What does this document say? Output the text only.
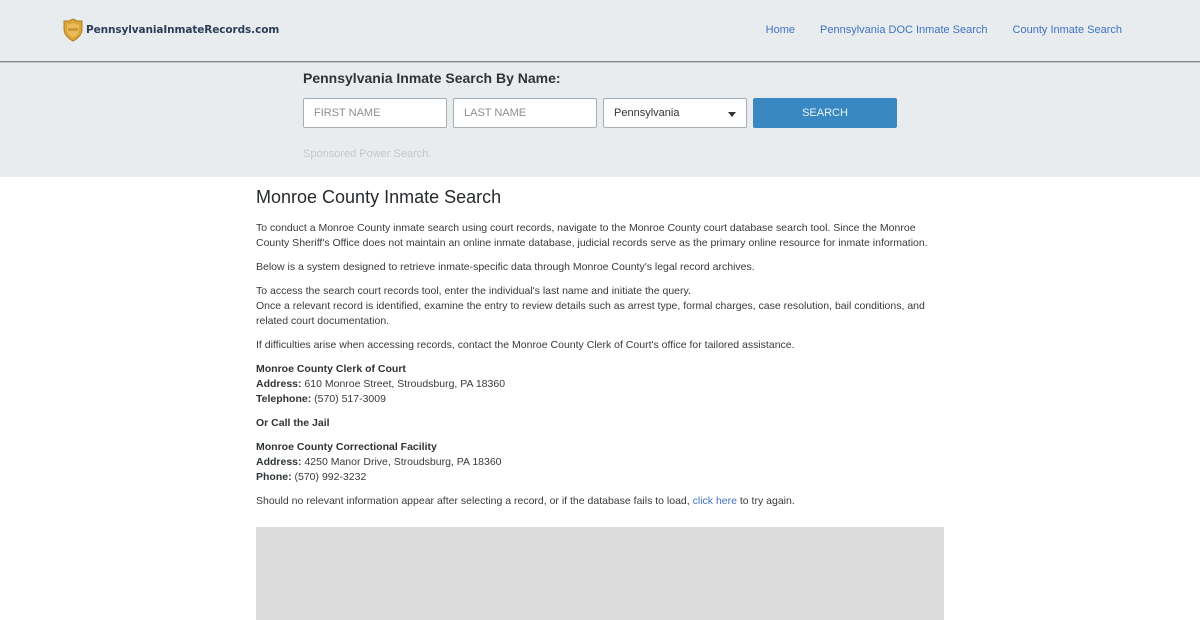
PennsylvaniaInmateRecords.com	Home Pennsylvania DOC Inmate Search County Inmate Search
Pennsylvania Inmate Search By Name:
FIRST NAME
LAST NAME
Pennsylvania	SEARCH
Sponsored Power Search.
Monroe County Inmate Search

To conduct a Monroe County inmate search using court records, navigate to the Monroe County court database search tool. Since the Monroe County Sheriff's Office does not maintain an online inmate database, judicial records serve as the primary online resource for inmate information.

Below is a system designed to retrieve inmate-specific data through Monroe County's legal record archives.

To access the search court records tool, enter the individual's last name and initiate the query.
Once a relevant record is identified, examine the entry to review details such as arrest type, formal charges, case resolution, bail conditions, and related court documentation.

If difficulties arise when accessing records, contact the Monroe County Clerk of Court's office for tailored assistance.

Monroe County Clerk of Court
Address: 610 Monroe Street, Stroudsburg, PA 18360
Telephone: (570) 517-3009

Or Call the Jail

Monroe County Correctional Facility
Address: 4250 Manor Drive, Stroudsburg, PA 18360
Phone: (570) 992-3232

Should no relevant information appear after selecting a record, or if the database fails to load, click here to try again.
